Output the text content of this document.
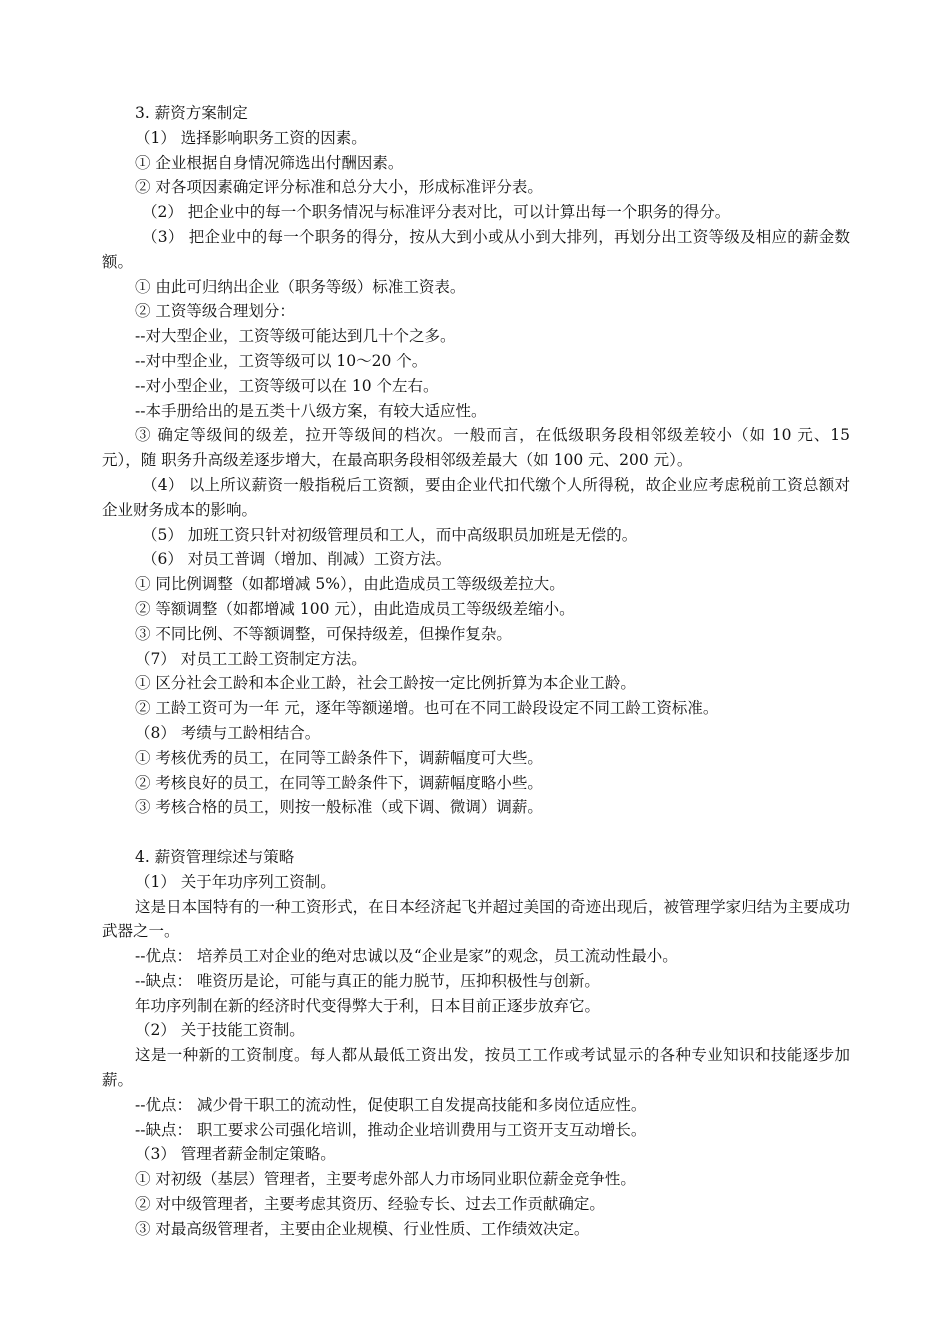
3. 薪资方案制定
（1） 选择影响职务工资的因素。
① 企业根据自身情况筛选出付酬因素。
② 对各项因素确定评分标准和总分大小，形成标准评分表。
（2） 把企业中的每一个职务情况与标准评分表对比，可以计算出每一个职务的得分。
（3） 把企业中的每一个职务的得分，按从大到小或从小到大排列，再划分出工资等级及相应的薪金数额。
① 由此可归纳出企业（职务等级）标准工资表。
② 工资等级合理划分：
--对大型企业，工资等级可能达到几十个之多。
--对中型企业，工资等级可以 10～20 个。
--对小型企业，工资等级可以在 10 个左右。
--本手册给出的是五类十八级方案，有较大适应性。
③ 确定等级间的级差，拉开等级间的档次。一般而言，在低级职务段相邻级差较小（如 10 元、15 元），随 职务升高级差逐步增大，在最高职务段相邻级差最大（如 100 元、200 元）。
（4） 以上所议薪资一般指税后工资额，要由企业代扣代缴个人所得税，故企业应考虑税前工资总额对企业财务成本的影响。
（5） 加班工资只针对初级管理员和工人，而中高级职员加班是无偿的。
（6） 对员工普调（增加、削减）工资方法。
① 同比例调整（如都增减 5%），由此造成员工等级级差拉大。
② 等额调整（如都增减 100 元），由此造成员工等级级差缩小。
③ 不同比例、不等额调整，可保持级差，但操作复杂。
（7） 对员工工龄工资制定方法。
① 区分社会工龄和本企业工龄，社会工龄按一定比例折算为本企业工龄。
② 工龄工资可为一年 元，逐年等额递增。也可在不同工龄段设定不同工龄工资标准。
（8） 考绩与工龄相结合。
① 考核优秀的员工，在同等工龄条件下，调薪幅度可大些。
② 考核良好的员工，在同等工龄条件下，调薪幅度略小些。
③ 考核合格的员工，则按一般标准（或下调、微调）调薪。
4. 薪资管理综述与策略
（1） 关于年功序列工资制。
这是日本国特有的一种工资形式，在日本经济起飞并超过美国的奇迹出现后，被管理学家归结为主要成功武器之一。
--优点： 培养员工对企业的绝对忠诚以及“企业是家”的观念，员工流动性最小。
--缺点： 唯资历是论，可能与真正的能力脱节，压抑积极性与创新。
年功序列制在新的经济时代变得弊大于利，日本目前正逐步放弃它。
（2） 关于技能工资制。
这是一种新的工资制度。每人都从最低工资出发，按员工工作或考试显示的各种专业知识和技能逐步加薪。
--优点： 减少骨干职工的流动性，促使职工自发提高技能和多岗位适应性。
--缺点： 职工要求公司强化培训，推动企业培训费用与工资开支互动增长。
（3） 管理者薪金制定策略。
① 对初级（基层）管理者，主要考虑外部人力市场同业职位薪金竞争性。
② 对中级管理者，主要考虑其资历、经验专长、过去工作贡献确定。
③ 对最高级管理者，主要由企业规模、行业性质、工作绩效决定。
